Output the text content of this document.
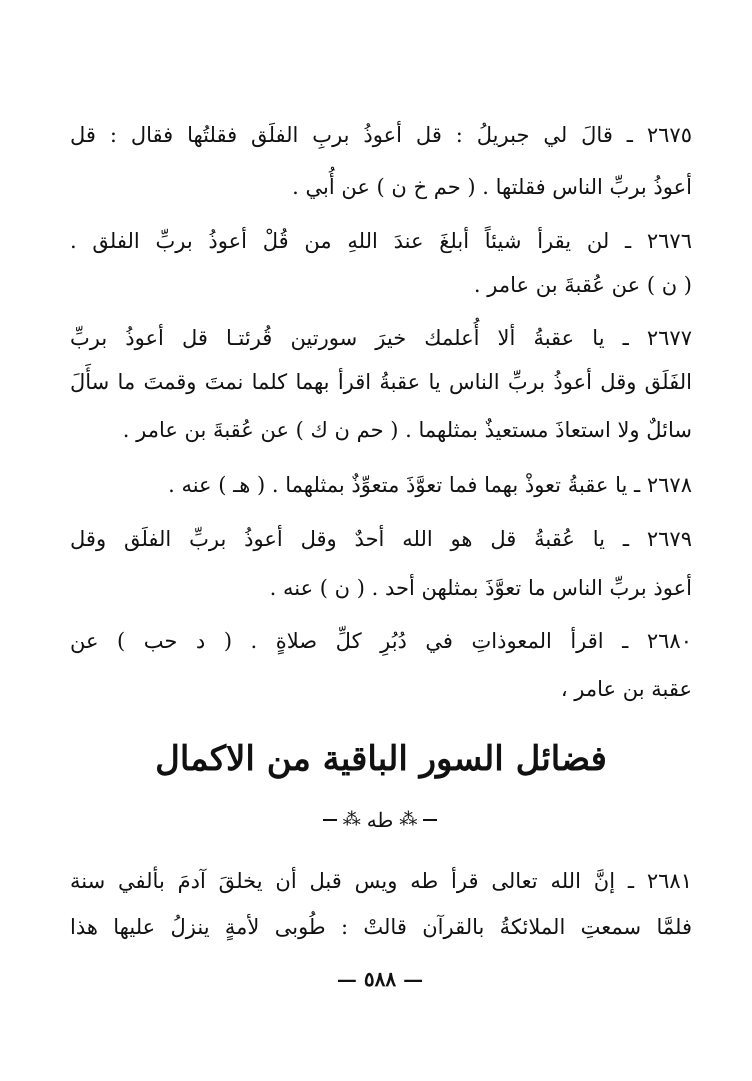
٢٦٧٥ ـ قالَ لي جبريلُ : قل أعوذُ بربِ الفلَق فقلتُها فقال : قل
أعوذُ بربِّ الناس فقلتها . ( حم خ ن ) عن أُبي .
٢٦٧٦ ـ لن يقرأ شيئاً أبلغَ عندَ اللهِ من قُلْ أعوذُ بربِّ الفلق .
( ن ) عن عُقبةَ بن عامر .
٢٦٧٧ ـ يا عقبةُ ألا أُعلمك خيرَ سورتين قُرئتـا قل أعوذُ بربِّ
الفَلَق وقل أعوذُ بربِّ الناس يا عقبةُ اقرأ بهما كلما نمتَ وقمتَ ما سأَلَ
سائلٌ ولا استعاذَ مستعيذٌ بمثلهما . ( حم ن ك ) عن عُقبةَ بن عامر .
٢٦٧٨ ـ يا عقبةُ تعوذْ بهما فما تعوَّذَ متعوِّذٌ بمثلهما . ( هـ ) عنه .
٢٦٧٩ ـ يا عُقبةُ قل هو الله أحدٌ وقل أعوذُ بربِّ الفلَق وقل
أعوذ بربِّ الناس ما تعوَّذَ بمثلهن أحد . ( ن ) عنه .
٢٦٨٠ ـ اقرأ المعوذاتِ في دُبُرِ كلِّ صلاةٍ . ( د حب ) عن
عقبة بن عامر ،
فضائل السور الباقية من الاكمال
⁂
طه
⁂
٢٦٨١ ـ إنَّ الله تعالى قرأ طه ويس قبل أن يخلقَ آدمَ بألفي سنة
فلمَّا سمعتِ الملائكةُ بالقرآن قالتْ : طُوبى لأمةٍ ينزلُ عليها هذا
— ٥٨٨ —
